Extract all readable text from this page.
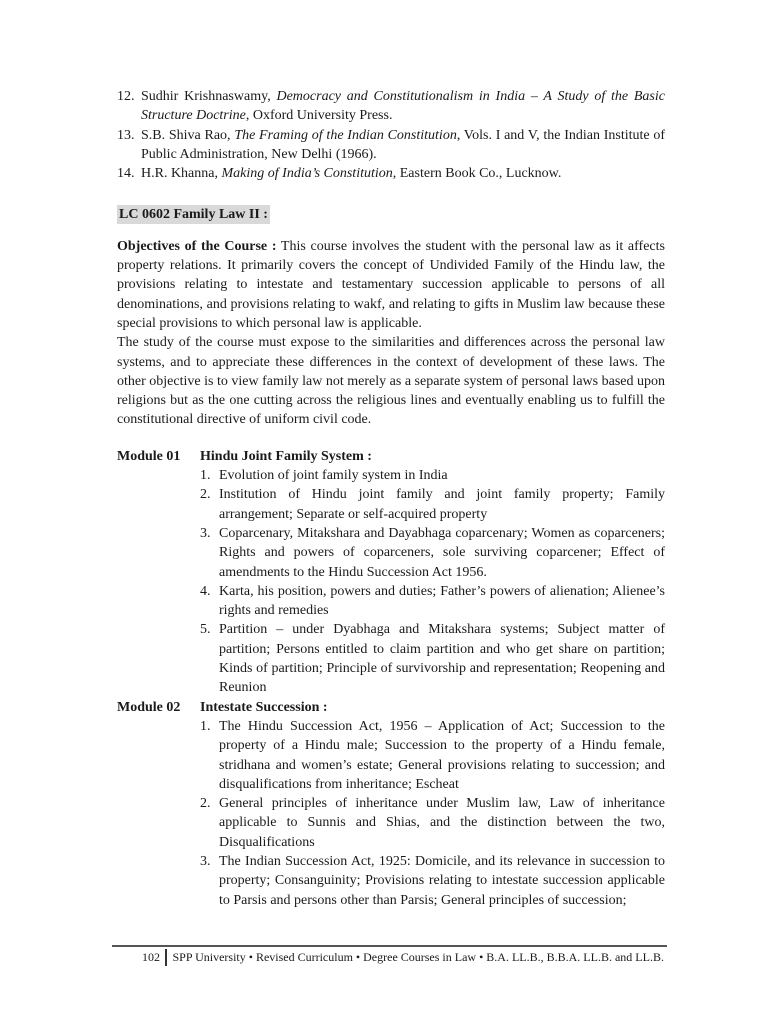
12. Sudhir Krishnaswamy, Democracy and Constitutionalism in India – A Study of the Basic Structure Doctrine, Oxford University Press.
13. S.B. Shiva Rao, The Framing of the Indian Constitution, Vols. I and V, the Indian Institute of Public Administration, New Delhi (1966).
14. H.R. Khanna, Making of India’s Constitution, Eastern Book Co., Lucknow.
LC 0602 Family Law II :

Objectives of the Course : This course involves the student with the personal law as it affects property relations. It primarily covers the concept of Undivided Family of the Hindu law, the provisions relating to intestate and testamentary succession applicable to persons of all denominations, and provisions relating to wakf, and relating to gifts in Muslim law because these special provisions to which personal law is applicable.

The study of the course must expose to the similarities and differences across the personal law systems, and to appreciate these differences in the context of development of these laws. The other objective is to view family law not merely as a separate system of personal laws based upon religions but as the one cutting across the religious lines and eventually enabling us to fulfill the constitutional directive of uniform civil code.

Module 01	Hindu Joint Family System :
1. Evolution of joint family system in India
2. Institution of Hindu joint family and joint family property; Family arrangement; Separate or self-acquired property
3. Coparcenary, Mitakshara and Dayabhaga coparcenary; Women as coparceners; Rights and powers of coparceners, sole surviving coparcener; Effect of amendments to the Hindu Succession Act 1956.
4. Karta, his position, powers and duties; Father’s powers of alienation; Alienee’s rights and remedies
5. Partition – under Dyabhaga and Mitakshara systems; Subject matter of partition; Persons entitled to claim partition and who get share on partition; Kinds of partition; Principle of survivorship and representation; Reopening and Reunion
Module 02	Intestate Succession :
1. The Hindu Succession Act, 1956 – Application of Act; Succession to the property of a Hindu male; Succession to the property of a Hindu female, stridhana and women’s estate; General provisions relating to succession; and disqualifications from inheritance; Escheat
2. General principles of inheritance under Muslim law, Law of inheritance applicable to Sunnis and Shias, and the distinction between the two, Disqualifications
3. The Indian Succession Act, 1925: Domicile, and its relevance in succession to property; Consanguinity; Provisions relating to intestate succession applicable to Parsis and persons other than Parsis; General principles of succession;
102	SPP University • Revised Curriculum • Degree Courses in Law • B.A. LL.B., B.B.A. LL.B. and LL.B.
